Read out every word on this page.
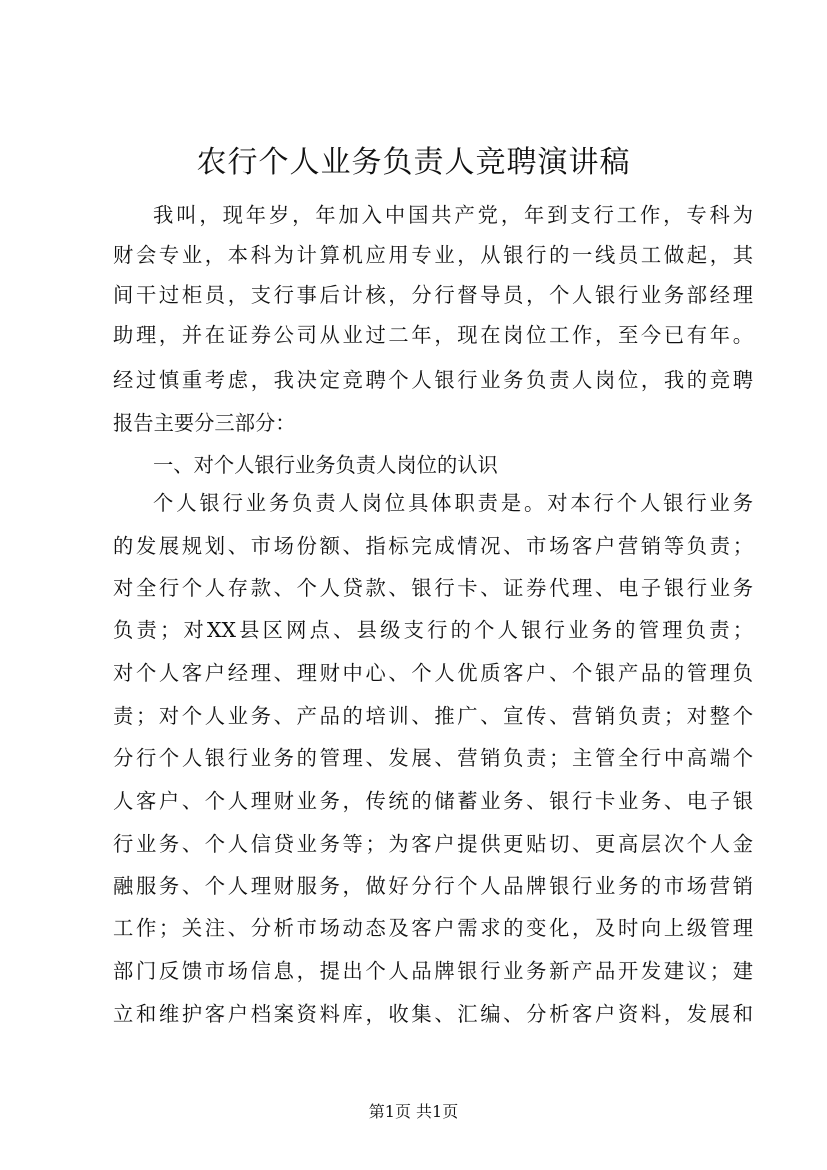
农行个人业务负责人竞聘演讲稿
我叫，现年岁，年加入中国共产党，年到支行工作，专科为
财会专业，本科为计算机应用专业，从银行的一线员工做起，其
间干过柜员，支行事后计核，分行督导员，个人银行业务部经理
助理，并在证券公司从业过二年，现在岗位工作，至今已有年。
经过慎重考虑，我决定竞聘个人银行业务负责人岗位，我的竞聘
报告主要分三部分：
一、对个人银行业务负责人岗位的认识
个人银行业务负责人岗位具体职责是。对本行个人银行业务
的发展规划、市场份额、指标完成情况、市场客户营销等负责；
对全行个人存款、个人贷款、银行卡、证券代理、电子银行业务
负责；对XX县区网点、县级支行的个人银行业务的管理负责；
对个人客户经理、理财中心、个人优质客户、个银产品的管理负
责；对个人业务、产品的培训、推广、宣传、营销负责；对整个
分行个人银行业务的管理、发展、营销负责；主管全行中高端个
人客户、个人理财业务，传统的储蓄业务、银行卡业务、电子银
行业务、个人信贷业务等；为客户提供更贴切、更高层次个人金
融服务、个人理财服务，做好分行个人品牌银行业务的市场营销
工作；关注、分析市场动态及客户需求的变化，及时向上级管理
部门反馈市场信息，提出个人品牌银行业务新产品开发建议；建
立和维护客户档案资料库，收集、汇编、分析客户资料，发展和
第1页 共1页
